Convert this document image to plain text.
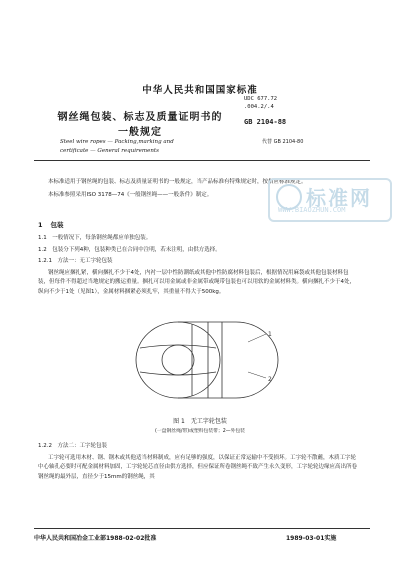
中华人民共和国国家标准
钢丝绳包装、标志及质量证明书的
一般规定
UDC 677.72
.004.2/.4
GB 2104-88
Steel wire ropes — Packing,marking and
certificate — General requirements
代替 GB 2104-80
本标准适用于钢丝绳的包装、标志及质量证明书的一般规定，当产品标准有特殊规定时，按相应标准规定。
本标准参照采用ISO 3178—74《一般钢丝绳——一般条件》制定。	标准网
WWW.BIAOZHUN.COM
1 包装
1.1　一般情况下，每条钢丝绳都应单独包装。
1.2　包装分下列4种，包装种类已在合同中注明，若未注明，由供方选择。
1.2.1　方法一：无工字轮包装
钢丝绳应捆扎紧，横向捆扎不少于4处，内衬一层中性防潮纸或其他中性防腐材料包装后，根据情况用麻袋或其他包装材料包装，但每件不得超过当地规定的搬运重量。捆扎可以用金属或非金属带或绳带包装也可以用软的金属材料类。横向捆扎不少于4处，纵向不少于1处（见图1），金属材料捆紧必须扎牢，其重量不得大于500kg。
1
2
图 1　无工字轮包装
(一盘钢丝绳/带)或塑料包装带；2—外包装
1.2.2　方法二：工字轮包装
工字轮可选用木材、钢、钢木或其他适当材料制成，应有足够的强度，以保证正常运输中不受损坏。工字轮不散蘸，木质工字轮中心轴孔必要时可配金属材料加固，工字轮轮芯直径由供方选择，但应保证所卷钢丝绳不致产生永久变形，工字轮轮边缘应高出所卷钢丝绳的最外层，直径少于15mm的钢丝绳，其
中华人民共和国冶金工业部1988-02-02批准	1989-03-01实施
